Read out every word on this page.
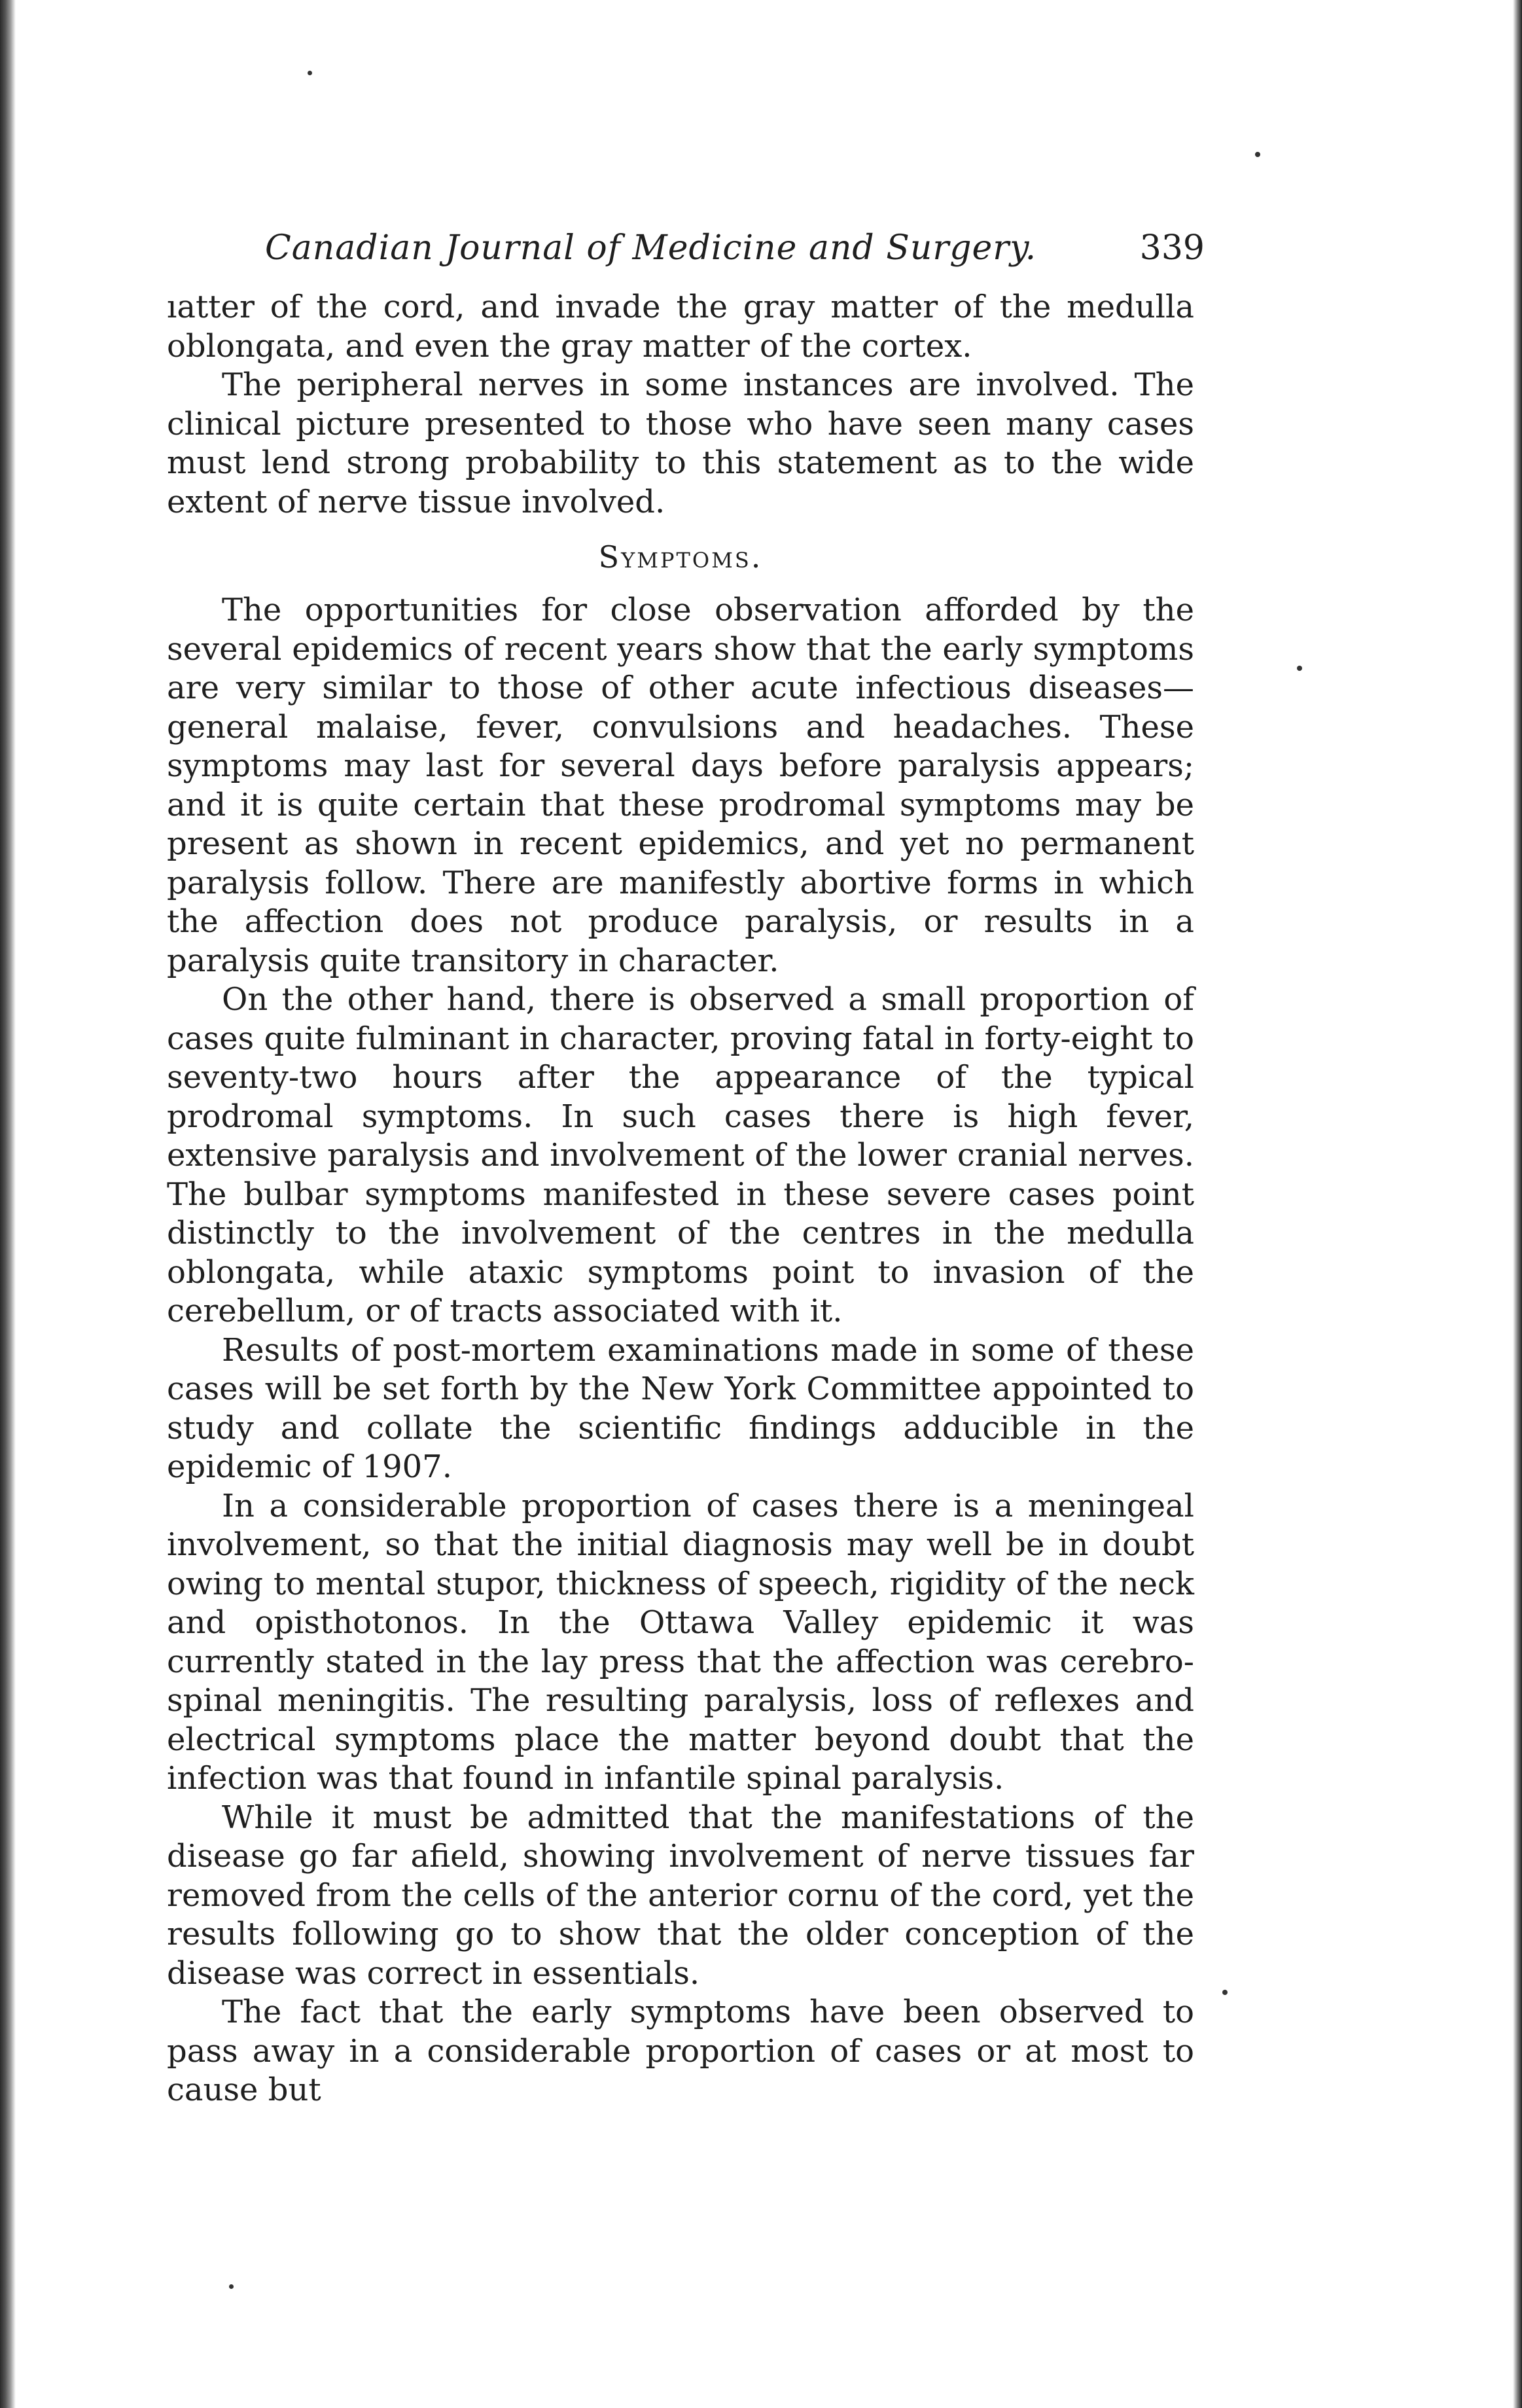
Canadian Journal of Medicine and Surgery.	339

ıatter of the cord, and invade the gray matter of the medulla oblongata, and even the gray matter of the cortex.

The peripheral nerves in some instances are involved. The clinical picture presented to those who have seen many cases must lend strong probability to this statement as to the wide extent of nerve tissue involved.

Symptoms.

The opportunities for close observation afforded by the several epidemics of recent years show that the early symptoms are very similar to those of other acute infectious diseases—general malaise, fever, convulsions and headaches. These symptoms may last for several days before paralysis appears; and it is quite certain that these prodromal symptoms may be present as shown in recent epidemics, and yet no permanent paralysis follow. There are manifestly abortive forms in which the affection does not produce paralysis, or results in a paralysis quite transitory in character.

On the other hand, there is observed a small proportion of cases quite fulminant in character, proving fatal in forty-eight to seventy-two hours after the appearance of the typical prodromal symptoms. In such cases there is high fever, extensive paralysis and involvement of the lower cranial nerves. The bulbar symptoms manifested in these severe cases point distinctly to the involvement of the centres in the medulla oblongata, while ataxic symptoms point to invasion of the cerebellum, or of tracts associated with it.

Results of post-mortem examinations made in some of these cases will be set forth by the New York Committee appointed to study and collate the scientific findings adducible in the epidemic of 1907.

In a considerable proportion of cases there is a meningeal involvement, so that the initial diagnosis may well be in doubt owing to mental stupor, thickness of speech, rigidity of the neck and opisthotonos. In the Ottawa Valley epidemic it was currently stated in the lay press that the affection was cerebro-spinal meningitis. The resulting paralysis, loss of reflexes and electrical symptoms place the matter beyond doubt that the infection was that found in infantile spinal paralysis.

While it must be admitted that the manifestations of the disease go far afield, showing involvement of nerve tissues far removed from the cells of the anterior cornu of the cord, yet the results following go to show that the older conception of the disease was correct in essentials.

The fact that the early symptoms have been observed to pass away in a considerable proportion of cases or at most to cause but
